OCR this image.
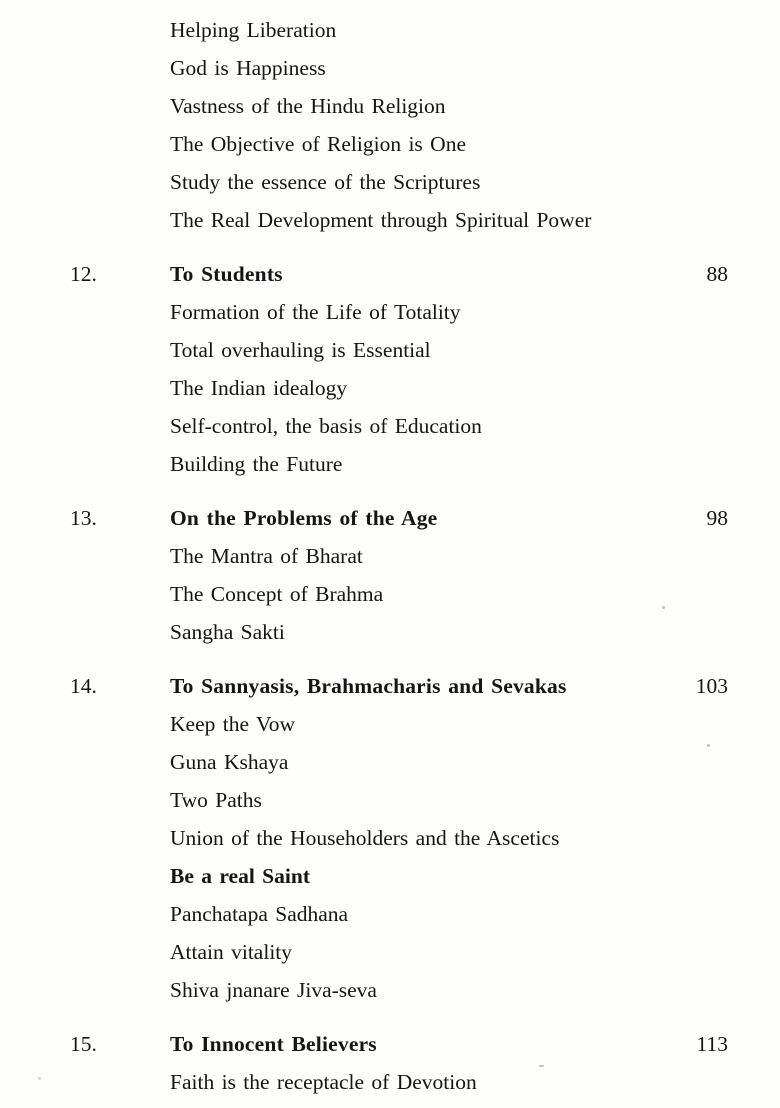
Helping Liberation
God is Happiness
Vastness of the Hindu Religion
The Objective of Religion is One
Study the essence of the Scriptures
The Real Development through Spiritual Power
12.	To Students	88
Formation of the Life of Totality
Total overhauling is Essential
The Indian idealogy
Self-control, the basis of Education
Building the Future
13.	On the Problems of the Age	98
The Mantra of Bharat
The Concept of Brahma
Sangha Sakti
14.	To Sannyasis, Brahmacharis and Sevakas	103
Keep the Vow
Guna Kshaya
Two Paths
Union of the Householders and the Ascetics
Be a real Saint
Panchatapa Sadhana
Attain vitality
Shiva jnanare Jiva-seva
15.	To Innocent Believers	113
Faith is the receptacle of Devotion
